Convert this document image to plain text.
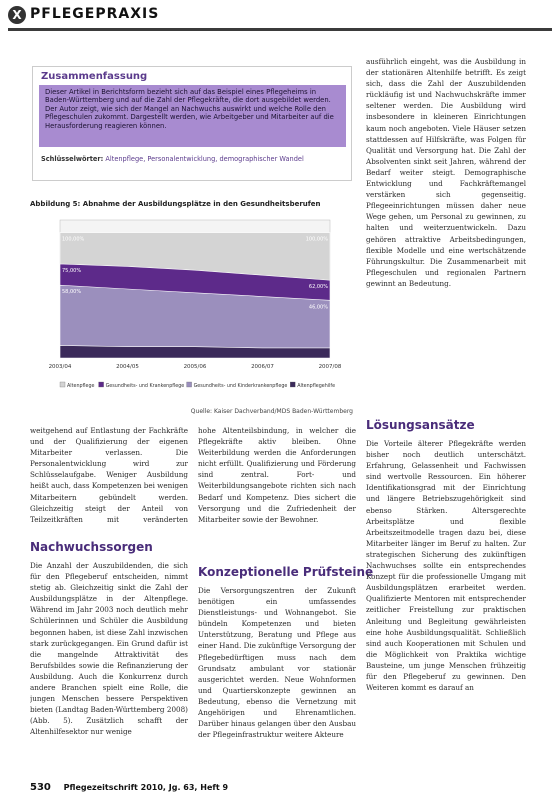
X PFLEGEPRAXIS
Zusammenfassung
Dieser Artikel in Berichtsform bezieht sich auf das Beispiel eines Pflegeheims in Baden-Württemberg und auf die Zahl der Pflegekräfte, die dort ausgebildet werden. Der Autor zeigt, wie sich der Mangel an Nachwuchs auswirkt und welche Rolle den Pflegeschulen zukommt. Dargestellt werden, wie Arbeitgeber und Mitarbeiter auf die Herausforderung reagieren können.
Schlüsselwörter: Altenpflege, Personalentwicklung, demographischer Wandel
Abbildung 5: Abnahme der Ausbildungsplätze in den Gesundheitsberufen
2003/04	2004/05	2005/06	2006/07	2007/08
100,00%	100,00%
75,00%
62,00%
58,00%
46,00%
Altenpflege Gesundheits- und Krankenpflege Gesundheits- und Kinderkrankenpflege Altenpflegehilfe
Quelle: Kaiser Dachverband/MDS Baden-Württemberg
weitgehend auf Entlastung der Fachkräfte und der Qualifizierung der eigenen Mitarbeiter verlassen. Die Personalentwicklung wird zur Schlüsselaufgabe. Weniger Ausbildung heißt auch, dass Kompetenzen bei wenigen Mitarbeitern gebündelt werden. Gleichzeitig steigt der Anteil von Teilzeitkräften mit veränderten
Nachwuchssorgen
Die Anzahl der Auszubildenden, die sich für den Pflegeberuf entscheiden, nimmt stetig ab. Gleichzeitig sinkt die Zahl der Ausbildungsplätze in der Altenpflege. Während im Jahr 2003 noch deutlich mehr Schülerinnen und Schüler die Ausbildung begonnen haben, ist diese Zahl inzwischen stark zurückgegangen. Ein Grund dafür ist die mangelnde Attraktivität des Berufsbildes sowie die Refinanzierung der Ausbildung. Auch die Konkurrenz durch andere Branchen spielt eine Rolle, die jungen Menschen bessere Perspektiven bieten (Landtag Baden-Württemberg 2008) (Abb. 5). Zusätzlich schafft der Altenhilfesektor nur wenige
hohe Altenteilsbindung, in welcher die Pflegekräfte aktiv bleiben. Ohne Weiterbildung werden die Anforderungen nicht erfüllt. Qualifizierung und Förderung sind zentral. Fort- und Weiterbildungsangebote richten sich nach Bedarf und Kompetenz. Dies sichert die Versorgung und die Zufriedenheit der Mitarbeiter sowie der Bewohner.
Konzeptionelle Prüfsteine
Die Versorgungszentren der Zukunft benötigen ein umfassendes Dienstleistungs- und Wohnangebot. Sie bündeln Kompetenzen und bieten Unterstützung, Beratung und Pflege aus einer Hand. Die zukünftige Versorgung der Pflegebedürftigen muss nach dem Grundsatz ambulant vor stationär ausgerichtet werden. Neue Wohnformen und Quartierskonzepte gewinnen an Bedeutung, ebenso die Vernetzung mit Angehörigen und Ehrenamtlichen. Darüber hinaus gelangen über den Ausbau der Pflegeinfrastruktur weitere Akteure
ausführlich eingeht, was die Ausbildung in der stationären Altenhilfe betrifft. Es zeigt sich, dass die Zahl der Auszubildenden rückläufig ist und Nachwuchskräfte immer seltener werden. Die Ausbildung wird insbesondere in kleineren Einrichtungen kaum noch angeboten. Viele Häuser setzen stattdessen auf Hilfskräfte, was Folgen für Qualität und Versorgung hat. Die Zahl der Absolventen sinkt seit Jahren, während der Bedarf weiter steigt. Demographische Entwicklung und Fachkräftemangel verstärken sich gegenseitig. Pflegeeinrichtungen müssen daher neue Wege gehen, um Personal zu gewinnen, zu halten und weiterzuentwickeln. Dazu gehören attraktive Arbeitsbedingungen, flexible Modelle und eine wertschätzende Führungskultur. Die Zusammenarbeit mit Pflegeschulen und regionalen Partnern gewinnt an Bedeutung.
Lösungsansätze
Die Vorteile älterer Pflegekräfte werden bisher noch deutlich unterschätzt. Erfahrung, Gelassenheit und Fachwissen sind wertvolle Ressourcen. Ein höherer Identifikationsgrad mit der Einrichtung und längere Betriebszugehörigkeit sind ebenso Stärken. Altersgerechte Arbeitsplätze und flexible Arbeitszeitmodelle tragen dazu bei, diese Mitarbeiter länger im Beruf zu halten. Zur strategischen Sicherung des zukünftigen Nachwuchses sollte ein entsprechendes Konzept für die professionelle Umgang mit Ausbildungsplätzen erarbeitet werden. Qualifizierte Mentoren mit entsprechender zeitlicher Freistellung zur praktischen Anleitung und Begleitung gewährleisten eine hohe Ausbildungsqualität. Schließlich sind auch Kooperationen mit Schulen und die Möglichkeit von Praktika wichtige Bausteine, um junge Menschen frühzeitig für den Pflegeberuf zu gewinnen. Den Weiteren kommt es darauf an
530 Pflegezeitschrift 2010, Jg. 63, Heft 9
